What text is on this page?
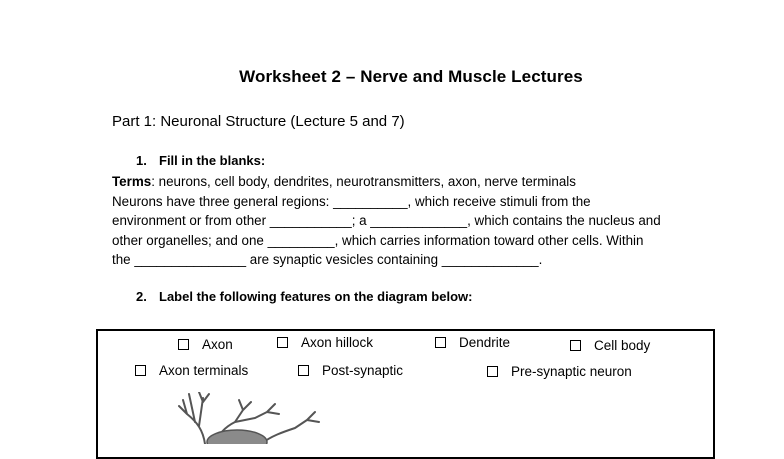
Worksheet 2 – Nerve and Muscle Lectures
Part 1: Neuronal Structure (Lecture 5 and 7)
1. Fill in the blanks:
Terms: neurons, cell body, dendrites, neurotransmitters, axon, nerve terminals
Neurons have three general regions: __________, which receive stimuli from the
environment or from other ___________; a _____________, which contains the nucleus and
other organelles; and one _________, which carries information toward other cells. Within
the _______________ are synaptic vesicles containing _____________.
2. Label the following features on the diagram below:
Axon	Axon hillock	Dendrite	Cell body
Axon terminals	Post-synaptic	Pre-synaptic neuron
